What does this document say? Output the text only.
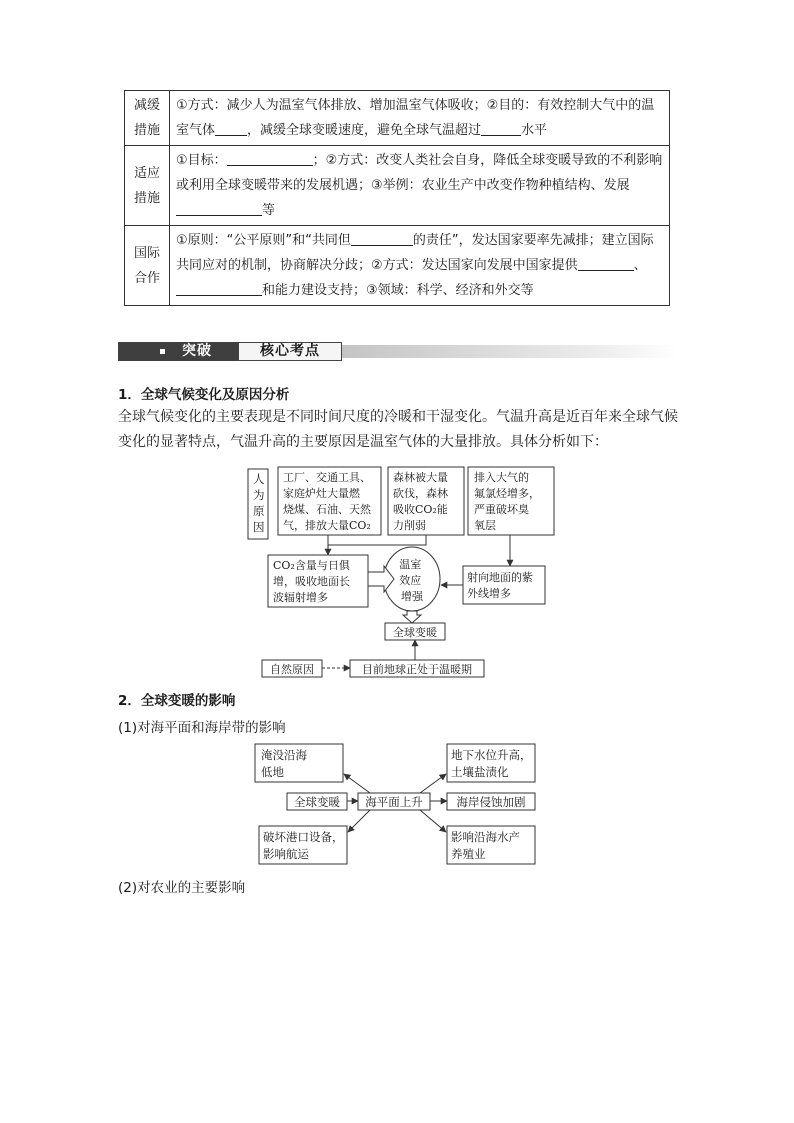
减缓
措施	①方式：减少人为温室气体排放、增加温室气体吸收；②目的：有效控制大气中的温室气体 ，减缓全球变暖速度，避免全球气温超过 水平

适应
措施	①目标： ；②方式：改变人类社会自身，降低全球变暖导致的不利影响或利用全球变暖带来的发展机遇；③举例：农业生产中改变作物种植结构、发展等

国际
合作	①原则：“公平原则”和“共同但 的责任”，发达国家要率先减排；建立国际共同应对的机制，协商解决分歧；②方式：发达国家向发展中国家提供 、和能力建设支持；③领域：科学、经济和外交等
突破	核心考点
1．全球气候变化及原因分析
全球气候变化的主要表现是不同时间尺度的冷暖和干湿变化。气温升高是近百年来全球气候变化的显著特点，气温升高的主要原因是温室气体的大量排放。具体分析如下：
人 为 原 因
工厂、交通工具、 家庭炉灶大量燃 烧煤、石油、天然 气，排放大量CO₂
森林被大量 砍伐，森林 吸收CO₂能 力削弱
排入大气的 氟氯烃增多， 严重破坏臭 氧层
CO₂含量与日俱 增，吸收地面长 波辐射增多
温室 效应 增强
射向地面的紫 外线增多
全球变暖
自然原因	目前地球正处于温暖期
2．全球变暖的影响
(1)对海平面和海岸带的影响
淹没沿海 低地
全球变暖 海平面上升
破坏港口设备， 影响航运
地下水位升高， 土壤盐渍化
海岸侵蚀加剧
影响沿海水产 养殖业
(2)对农业的主要影响
